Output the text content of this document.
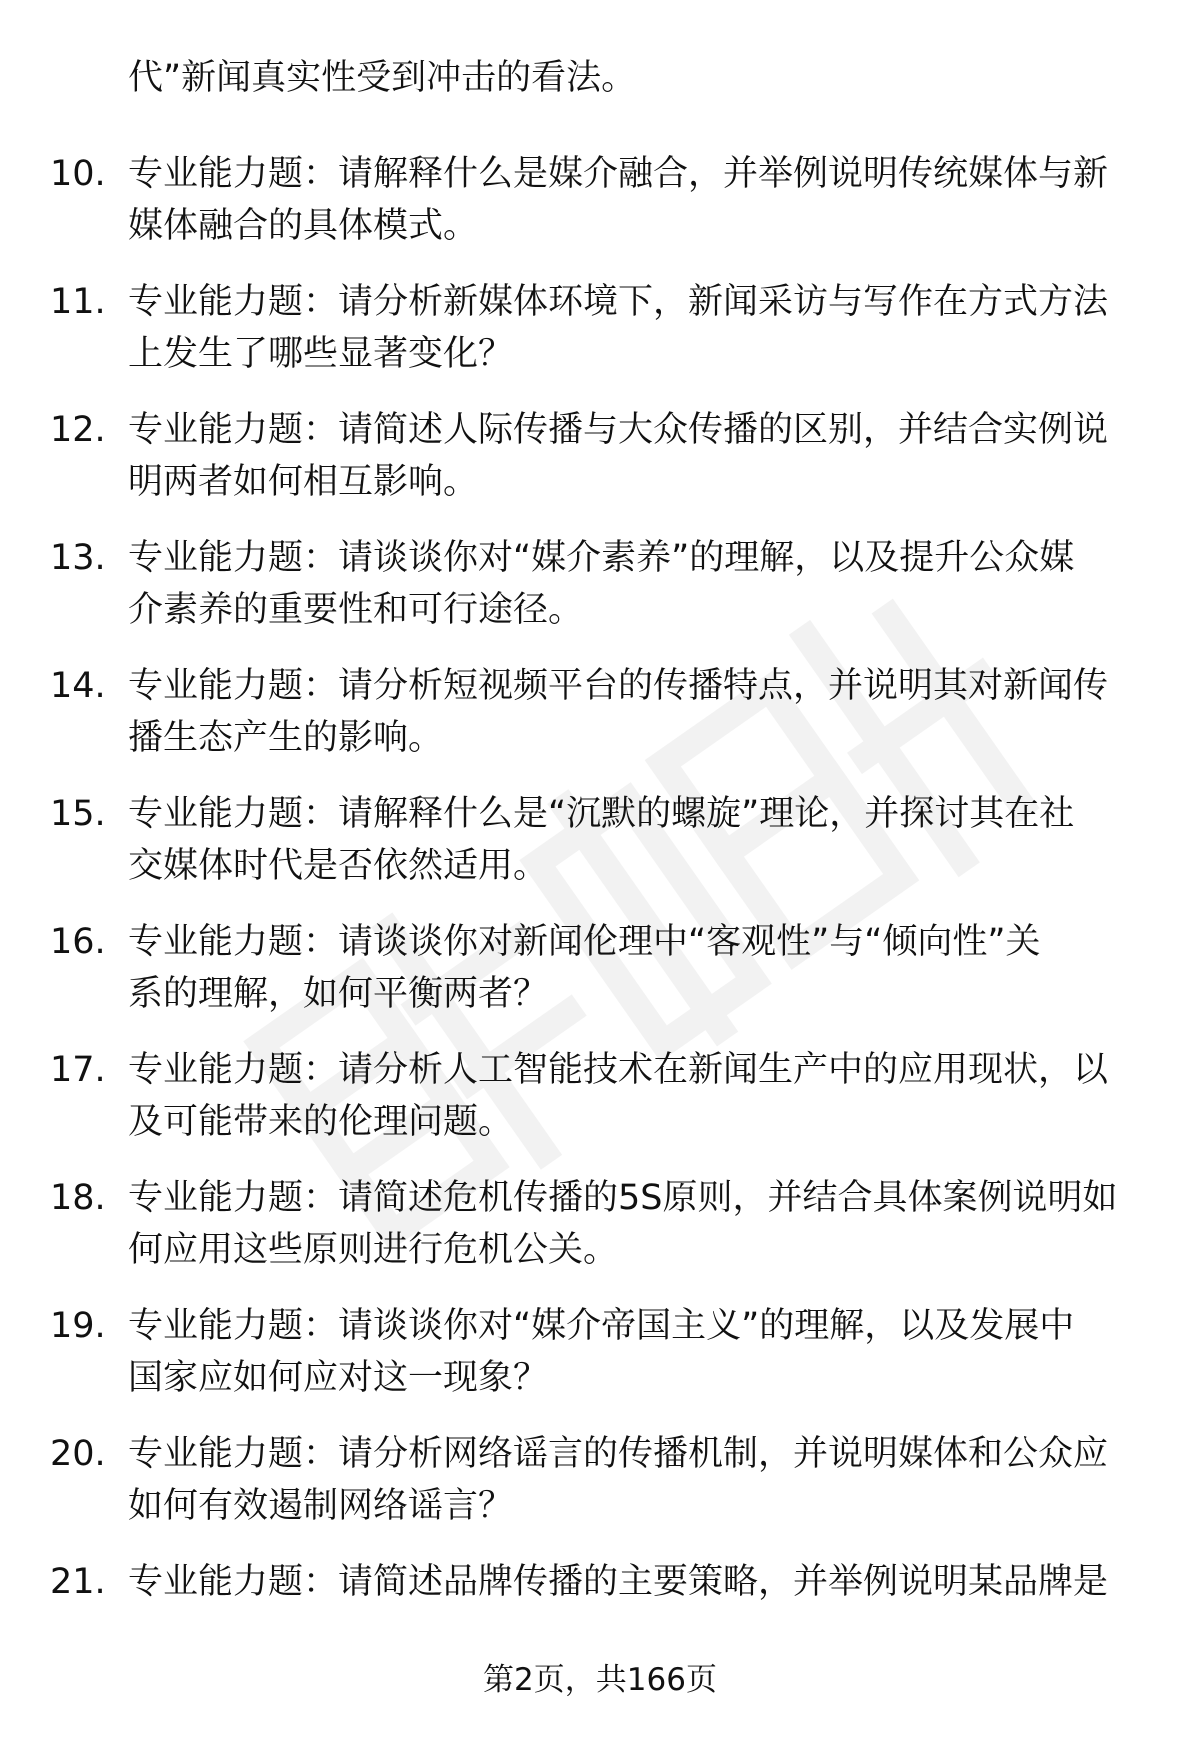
代”新闻真实性受到冲击的看法。
10. 专业能力题：请解释什么是媒介融合，并举例说明传统媒体与新
媒体融合的具体模式。
11. 专业能力题：请分析新媒体环境下，新闻采访与写作在方式方法
上发生了哪些显著变化？
12. 专业能力题：请简述人际传播与大众传播的区别，并结合实例说
明两者如何相互影响。
13. 专业能力题：请谈谈你对“媒介素养”的理解，以及提升公众媒
介素养的重要性和可行途径。
14. 专业能力题：请分析短视频平台的传播特点，并说明其对新闻传
播生态产生的影响。
15. 专业能力题：请解释什么是“沉默的螺旋”理论，并探讨其在社
交媒体时代是否依然适用。
16. 专业能力题：请谈谈你对新闻伦理中“客观性”与“倾向性”关
系的理解，如何平衡两者？
17. 专业能力题：请分析人工智能技术在新闻生产中的应用现状，以
及可能带来的伦理问题。
18. 专业能力题：请简述危机传播的5S原则，并结合具体案例说明如
何应用这些原则进行危机公关。
19. 专业能力题：请谈谈你对“媒介帝国主义”的理解，以及发展中
国家应如何应对这一现象？
20. 专业能力题：请分析网络谣言的传播机制，并说明媒体和公众应
如何有效遏制网络谣言？
21. 专业能力题：请简述品牌传播的主要策略，并举例说明某品牌是
第2页，共166页
